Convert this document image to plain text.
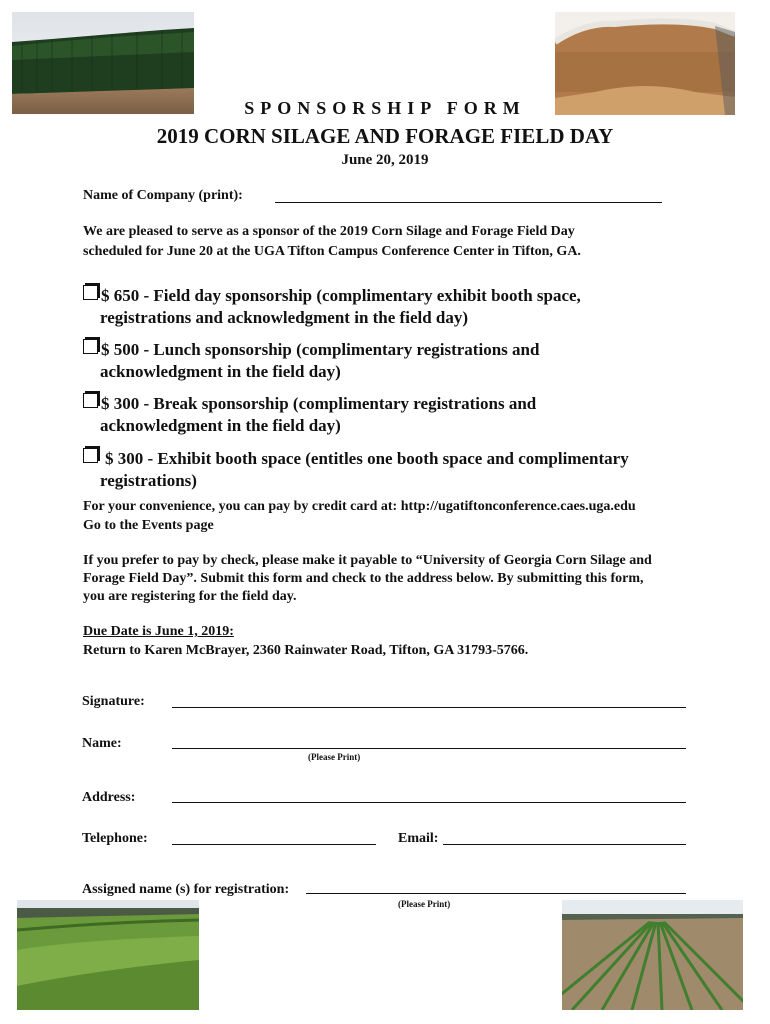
SPONSORSHIP FORM
2019 CORN SILAGE AND FORAGE FIELD DAY
June 20, 2019
Name of Company (print):
We are pleased to serve as a sponsor of the 2019 Corn Silage and Forage Field Day
scheduled for June 20 at the UGA Tifton Campus Conference Center in Tifton, GA.
$ 650 - Field day sponsorship (complimentary exhibit booth space,
registrations and acknowledgment in the field day)
$ 500 - Lunch sponsorship (complimentary registrations and
acknowledgment in the field day)
$ 300 - Break sponsorship (complimentary registrations and
acknowledgment in the field day)
$ 300 - Exhibit booth space (entitles one booth space and complimentary
registrations)
For your convenience, you can pay by credit card at: http://ugatiftonconference.caes.uga.edu
Go to the Events page
If you prefer to pay by check, please make it payable to “University of Georgia Corn Silage and
Forage Field Day”. Submit this form and check to the address below. By submitting this form,
you are registering for the field day.
Due Date is June 1, 2019:
Return to Karen McBrayer, 2360 Rainwater Road, Tifton, GA 31793-5766.
Signature:
Name:
(Please Print)
Address:
Telephone:	Email:
Assigned name (s) for registration:
(Please Print)
